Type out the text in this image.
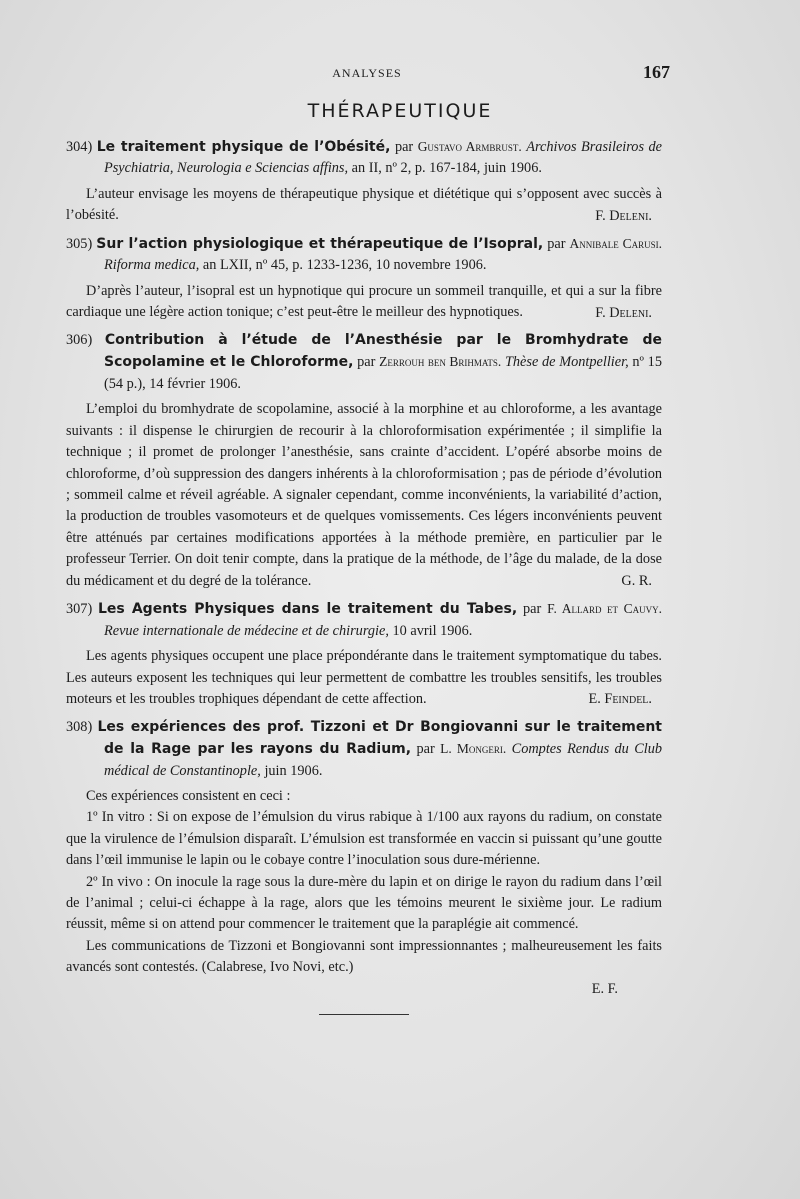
ANALYSES	167
THÉRAPEUTIQUE

304) Le traitement physique de l’Obésité, par Gustavo Armbrust. Archivos Brasileiros de Psychiatria, Neurologia e Sciencias affins, an II, nº 2, p. 167-184, juin 1906.

L’auteur envisage les moyens de thérapeutique physique et diététique qui s’opposent avec succès à l’obésité.	F. Deleni.

305) Sur l’action physiologique et thérapeutique de l’Isopral, par Annibale Carusi. Riforma medica, an LXII, nº 45, p. 1233-1236, 10 novembre 1906.

D’après l’auteur, l’isopral est un hypnotique qui procure un sommeil tranquille, et qui a sur la fibre cardiaque une légère action tonique; c’est peut-être le meilleur des hypnotiques.	F. Deleni.

306) Contribution à l’étude de l’Anesthésie par le Bromhydrate de Scopolamine et le Chloroforme, par Zerrouh ben Brihmats. Thèse de Montpellier, nº 15 (54 p.), 14 février 1906.

L’emploi du bromhydrate de scopolamine, associé à la morphine et au chloroforme, a les avantage suivants : il dispense le chirurgien de recourir à la chloroformisation expérimentée ; il simplifie la technique ; il promet de prolonger l’anesthésie, sans crainte d’accident. L’opéré absorbe moins de chloroforme, d’où suppression des dangers inhérents à la chloroformisation ; pas de période d’évolution ; sommeil calme et réveil agréable. A signaler cependant, comme inconvénients, la variabilité d’action, la production de troubles vasomoteurs et de quelques vomissements. Ces légers inconvénients peuvent être atténués par certaines modifications apportées à la méthode première, en particulier par le professeur Terrier. On doit tenir compte, dans la pratique de la méthode, de l’âge du malade, de la dose du médicament et du degré de la tolérance.	G. R.

307) Les Agents Physiques dans le traitement du Tabes, par F. Allard et Cauvy. Revue internationale de médecine et de chirurgie, 10 avril 1906.

Les agents physiques occupent une place prépondérante dans le traitement symptomatique du tabes. Les auteurs exposent les techniques qui leur permettent de combattre les troubles sensitifs, les troubles moteurs et les troubles trophiques dépendant de cette affection.	E. Feindel.

308) Les expériences des prof. Tizzoni et Dr Bongiovanni sur le traitement de la Rage par les rayons du Radium, par L. Mongeri. Comptes Rendus du Club médical de Constantinople, juin 1906.

Ces expériences consistent en ceci :

1º In vitro : Si on expose de l’émulsion du virus rabique à 1/100 aux rayons du radium, on constate que la virulence de l’émulsion disparaît. L’émulsion est transformée en vaccin si puissant qu’une goutte dans l’œil immunise le lapin ou le cobaye contre l’inoculation sous dure-mérienne.

2º In vivo : On inocule la rage sous la dure-mère du lapin et on dirige le rayon du radium dans l’œil de l’animal ; celui-ci échappe à la rage, alors que les témoins meurent le sixième jour. Le radium réussit, même si on attend pour commencer le traitement que la paraplégie ait commencé.

Les communications de Tizzoni et Bongiovanni sont impressionnantes ; malheureusement les faits avancés sont contestés. (Calabrese, Ivo Novi, etc.)

E. F.
